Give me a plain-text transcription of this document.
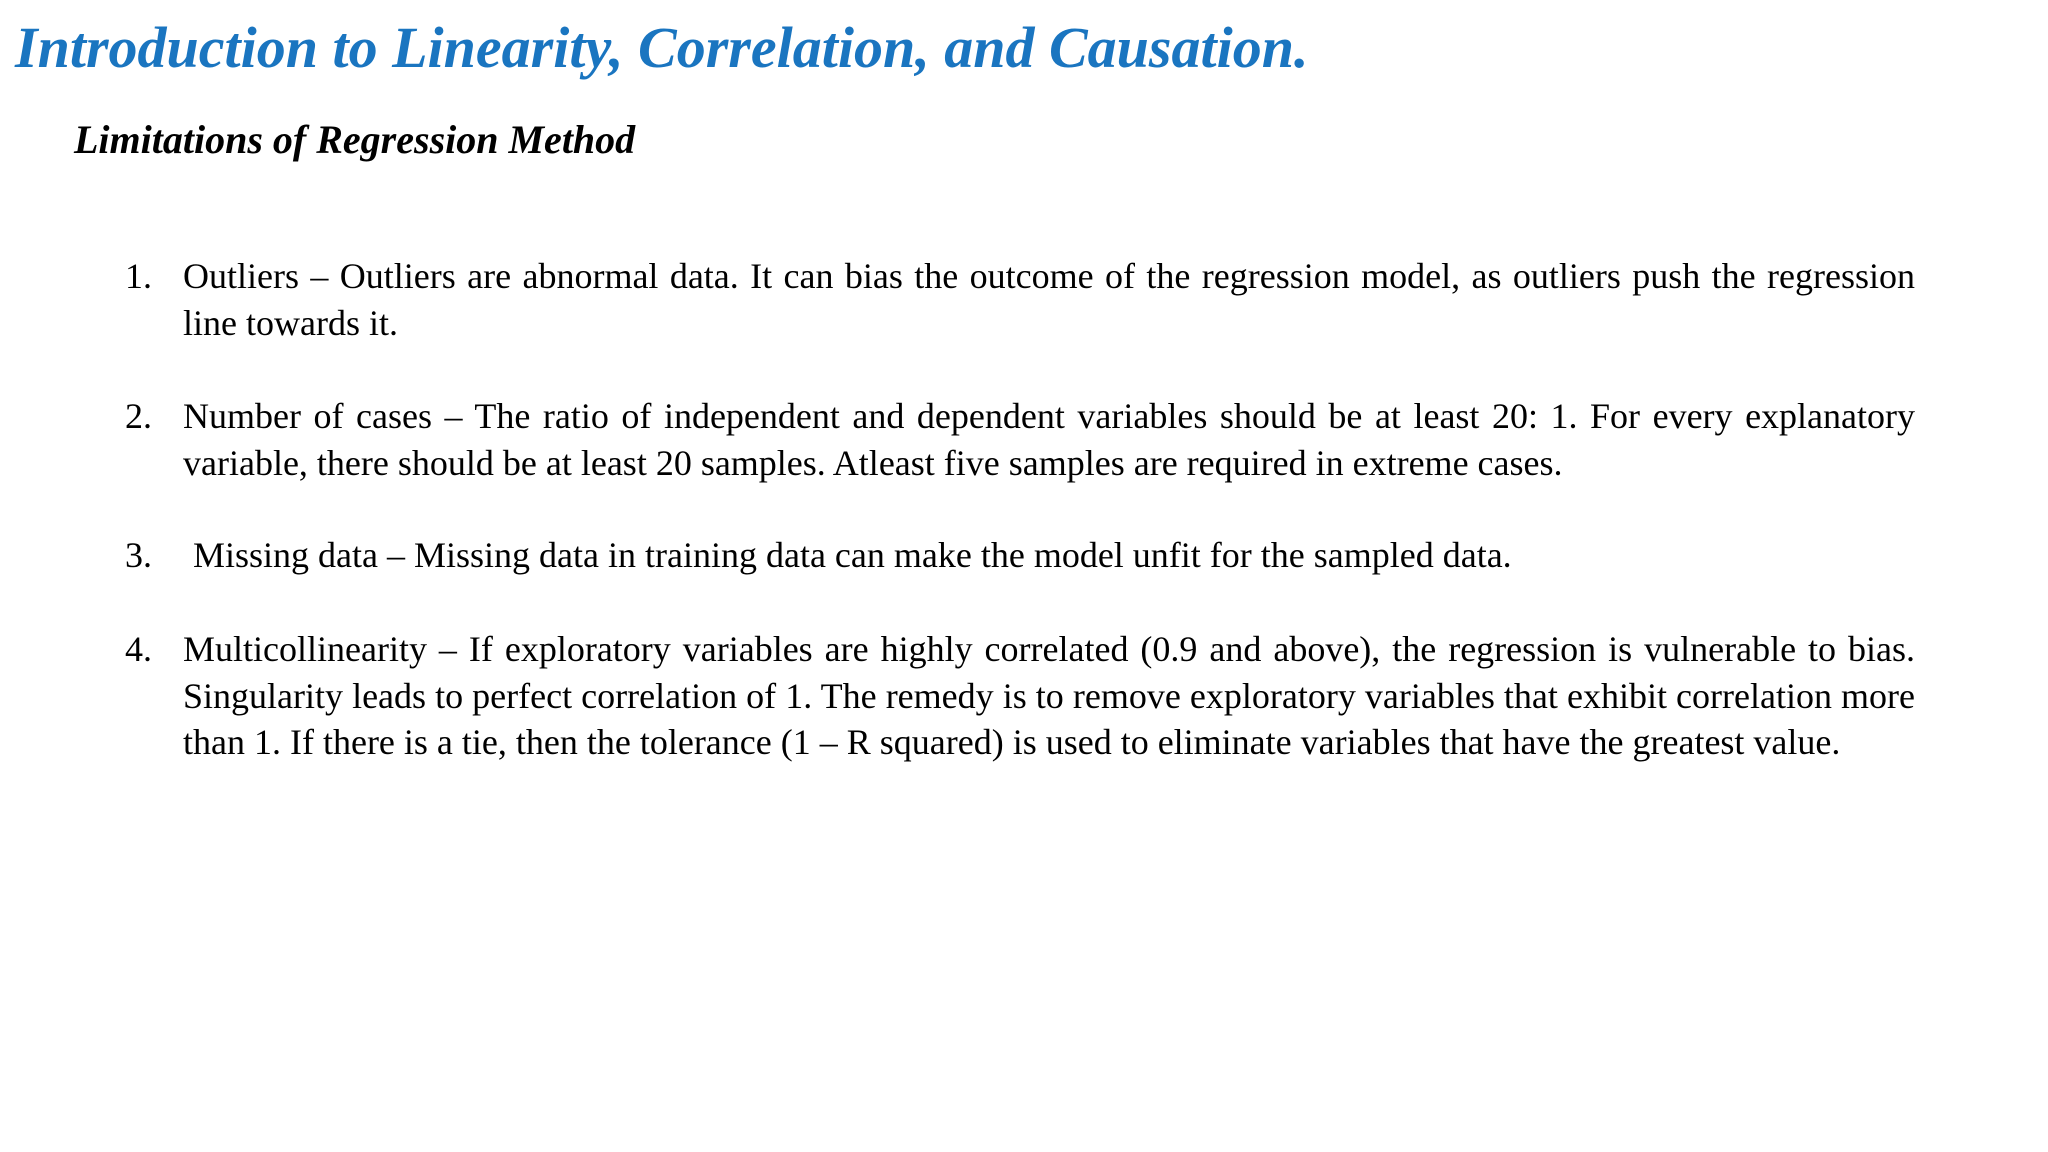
Introduction to Linearity, Correlation, and Causation.
Limitations of Regression Method
1. Outliers – Outliers are abnormal data. It can bias the outcome of the regression model, as outliers push the regression line towards it.
2. Number of cases – The ratio of independent and dependent variables should be at least 20: 1. For every explanatory variable, there should be at least 20 samples. Atleast five samples are required in extreme cases.
3. Missing data – Missing data in training data can make the model unfit for the sampled data.
4. Multicollinearity – If exploratory variables are highly correlated (0.9 and above), the regression is vulnerable to bias. Singularity leads to perfect correlation of 1. The remedy is to remove exploratory variables that exhibit correlation more than 1. If there is a tie, then the tolerance (1 – R squared) is used to eliminate variables that have the greatest value.
